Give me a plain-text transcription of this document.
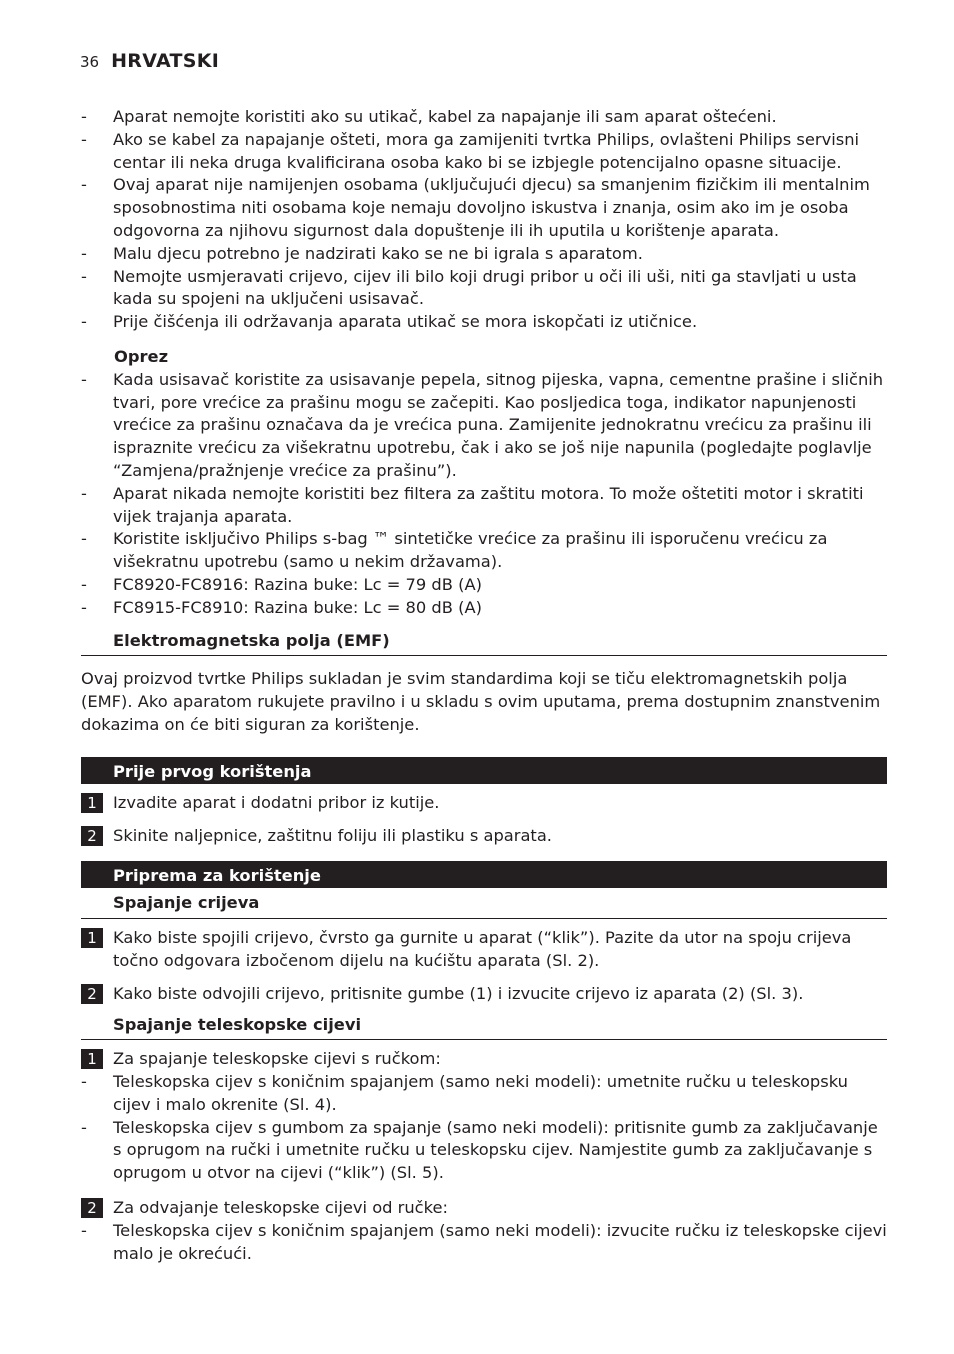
36 HRVATSKI
-	Aparat nemojte koristiti ako su utikač, kabel za napajanje ili sam aparat oštećeni.
-	Ako se kabel za napajanje ošteti, mora ga zamijeniti tvrtka Philips, ovlašteni Philips servisni centar ili neka druga kvalificirana osoba kako bi se izbjegle potencijalno opasne situacije.
-	Ovaj aparat nije namijenjen osobama (uključujući djecu) sa smanjenim fizičkim ili mentalnim sposobnostima niti osobama koje nemaju dovoljno iskustva i znanja, osim ako im je osoba odgovorna za njihovu sigurnost dala dopuštenje ili ih uputila u korištenje aparata.
-	Malu djecu potrebno je nadzirati kako se ne bi igrala s aparatom.
-	Nemojte usmjeravati crijevo, cijev ili bilo koji drugi pribor u oči ili uši, niti ga stavljati u usta kada su spojeni na uključeni usisavač.
-	Prije čišćenja ili održavanja aparata utikač se mora iskopčati iz utičnice.
Oprez
-	Kada usisavač koristite za usisavanje pepela, sitnog pijeska, vapna, cementne prašine i sličnih tvari, pore vrećice za prašinu mogu se začepiti. Kao posljedica toga, indikator napunjenosti vrećice za prašinu označava da je vrećica puna. Zamijenite jednokratnu vrećicu za prašinu ili ispraznite vrećicu za višekratnu upotrebu, čak i ako se još nije napunila (pogledajte poglavlje “Zamjena/pražnjenje vrećice za prašinu”).
-	Aparat nikada nemojte koristiti bez filtera za zaštitu motora. To može oštetiti motor i skratiti vijek trajanja aparata.
-	Koristite isključivo Philips s-bag ™ sintetičke vrećice za prašinu ili isporučenu vrećicu za višekratnu upotrebu (samo u nekim državama).
-	FC8920-FC8916: Razina buke: Lc = 79 dB (A)
-	FC8915-FC8910: Razina buke: Lc = 80 dB (A)
Elektromagnetska polja (EMF)
Ovaj proizvod tvrtke Philips sukladan je svim standardima koji se tiču elektromagnetskih polja (EMF). Ako aparatom rukujete pravilno i u skladu s ovim uputama, prema dostupnim znanstvenim dokazima on će biti siguran za korištenje.
Prije prvog korištenja
1 Izvadite aparat i dodatni pribor iz kutije.
2 Skinite naljepnice, zaštitnu foliju ili plastiku s aparata.
Priprema za korištenje
Spajanje crijeva
1 Kako biste spojili crijevo, čvrsto ga gurnite u aparat (“klik”). Pazite da utor na spoju crijeva točno odgovara izbočenom dijelu na kućištu aparata (Sl. 2).
2 Kako biste odvojili crijevo, pritisnite gumbe (1) i izvucite crijevo iz aparata (2) (Sl. 3).
Spajanje teleskopske cijevi
1 Za spajanje teleskopske cijevi s ručkom:
-	Teleskopska cijev s koničnim spajanjem (samo neki modeli): umetnite ručku u teleskopsku cijev i malo okrenite (Sl. 4).
-	Teleskopska cijev s gumbom za spajanje (samo neki modeli): pritisnite gumb za zaključavanje s oprugom na ručki i umetnite ručku u teleskopsku cijev. Namjestite gumb za zaključavanje s oprugom u otvor na cijevi (“klik”) (Sl. 5).
2 Za odvajanje teleskopske cijevi od ručke:
-	Teleskopska cijev s koničnim spajanjem (samo neki modeli): izvucite ručku iz teleskopske cijevi malo je okrećući.
